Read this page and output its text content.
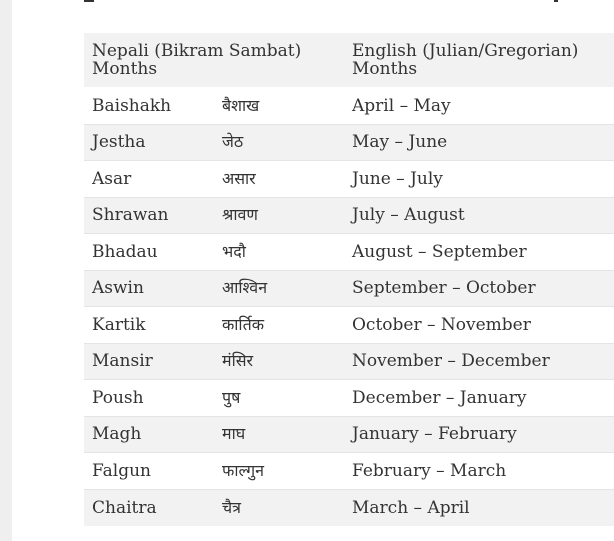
Nepali (Bikram Sambat) Months		English (Julian/Gregorian) Months	

Baishakh	बैशाख	April – May	
Jestha	जेठ	May – June	
Asar	असार	June – July	
Shrawan	श्रावण	July – August	
Bhadau	भदौ	August – September	
Aswin	आश्विन	September – October	
Kartik	कार्तिक	October – November	
Mansir	मंसिर	November – December	
Poush	पुष	December – January	
Magh	माघ	January – February	
Falgun	फाल्गुन	February – March	
Chaitra	चैत्र	March – April	
